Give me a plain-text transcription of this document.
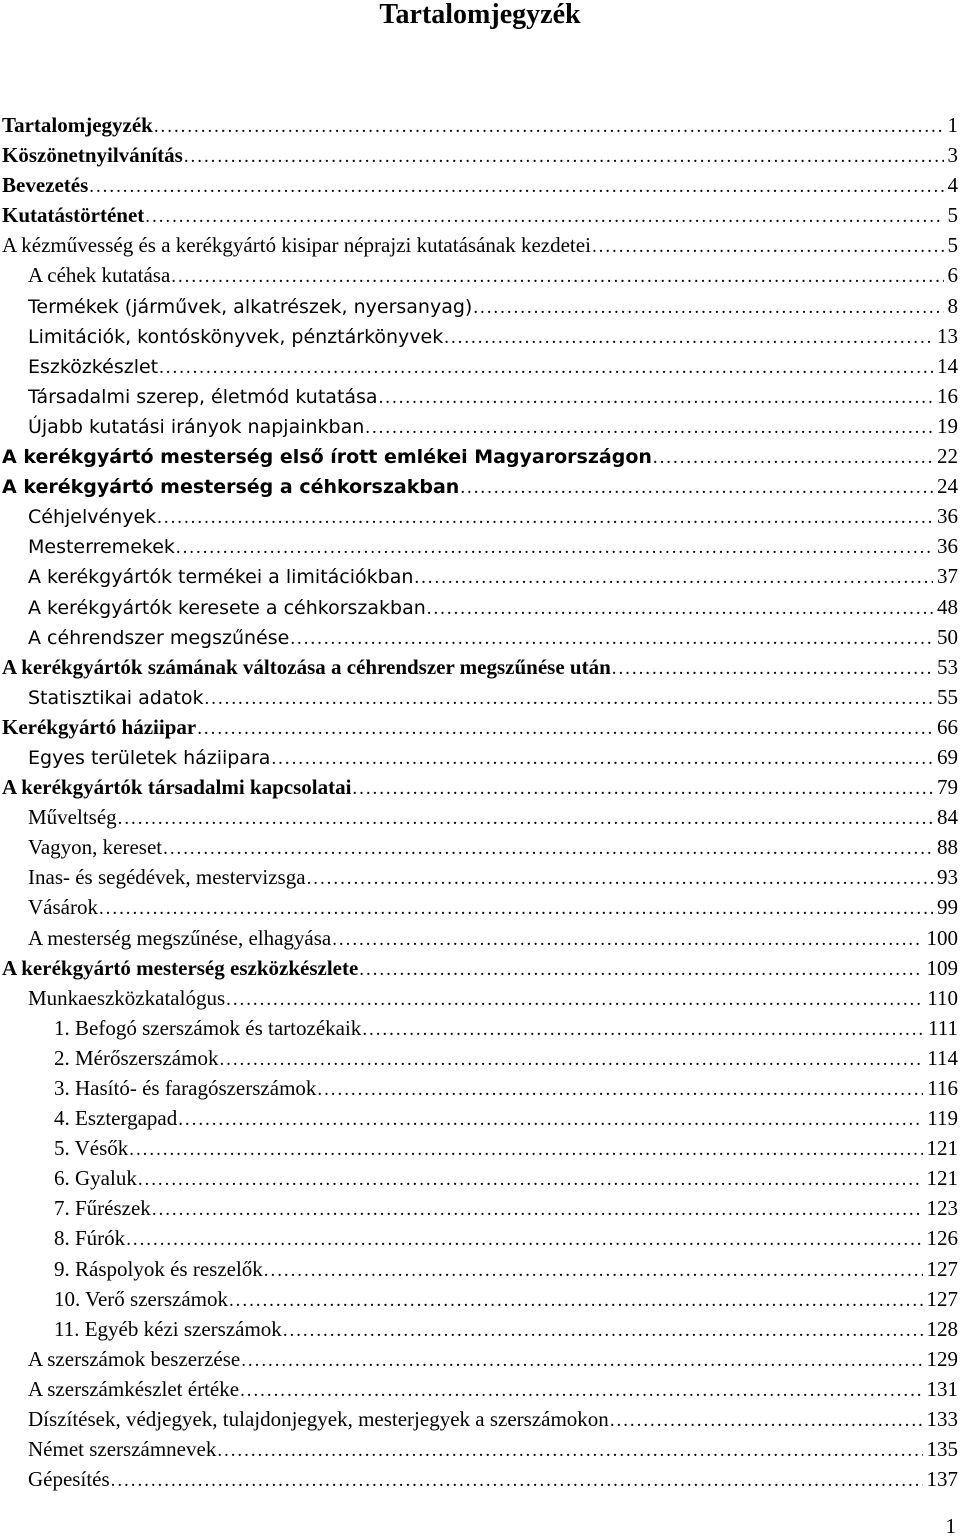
Tartalomjegyzék
Tartalomjegyzék . . .	1
Köszönetnyilvánítás . . .	3
Bevezetés . . .	4
Kutatástörténet . . .	5
A kézművesség és a kerékgyártó kisipar néprajzi kutatásának kezdetei . . .	5
A céhek kutatása . . .	6
Termékek (járművek, alkatrészek, nyersanyag) . . .	8
Limitációk, kontóskönyvek, pénztárkönyvek . . .	13
Eszközkészlet . . .	14
Társadalmi szerep, életmód kutatása . . .	16
Újabb kutatási irányok napjainkban . . .	19
A kerékgyártó mesterség első írott emlékei Magyarországon . . .	22
A kerékgyártó mesterség a céhkorszakban . . .	24
Céhjelvények . . .	36
Mesterremekek . . .	36
A kerékgyártók termékei a limitációkban . . .	37
A kerékgyártók keresete a céhkorszakban . . .	48
A céhrendszer megszűnése . . .	50
A kerékgyártók számának változása a céhrendszer megszűnése után . . .	53
Statisztikai adatok . . .	55
Kerékgyártó háziipar . . .	66
Egyes területek háziipara . . .	69
A kerékgyártók társadalmi kapcsolatai . . .	79
Műveltség . . .	84
Vagyon, kereset . . .	88
Inas- és segédévek, mestervizsga . . .	93
Vásárok . . .	99
A mesterség megszűnése, elhagyása . . .	100
A kerékgyártó mesterség eszközkészlete . . .	109
Munkaeszközkatalógus . . .	110
1. Befogó szerszámok és tartozékaik . . .	111
2. Mérőszerszámok . . .	114
3. Hasító- és faragószerszámok . . .	116
4. Esztergapad . . .	119
5. Vésők . . .	121
6. Gyaluk . . .	121
7. Fűrészek . . .	123
8. Fúrók . . .	126
9. Ráspolyok és reszelők . . .	127
10. Verő szerszámok . . .	127
11. Egyéb kézi szerszámok . . .	128
A szerszámok beszerzése . . .	129
A szerszámkészlet értéke . . .	131
Díszítések, védjegyek, tulajdonjegyek, mesterjegyek a szerszámokon . . .	133
Német szerszámnevek . . .	135
Gépesítés . . .	137
1
